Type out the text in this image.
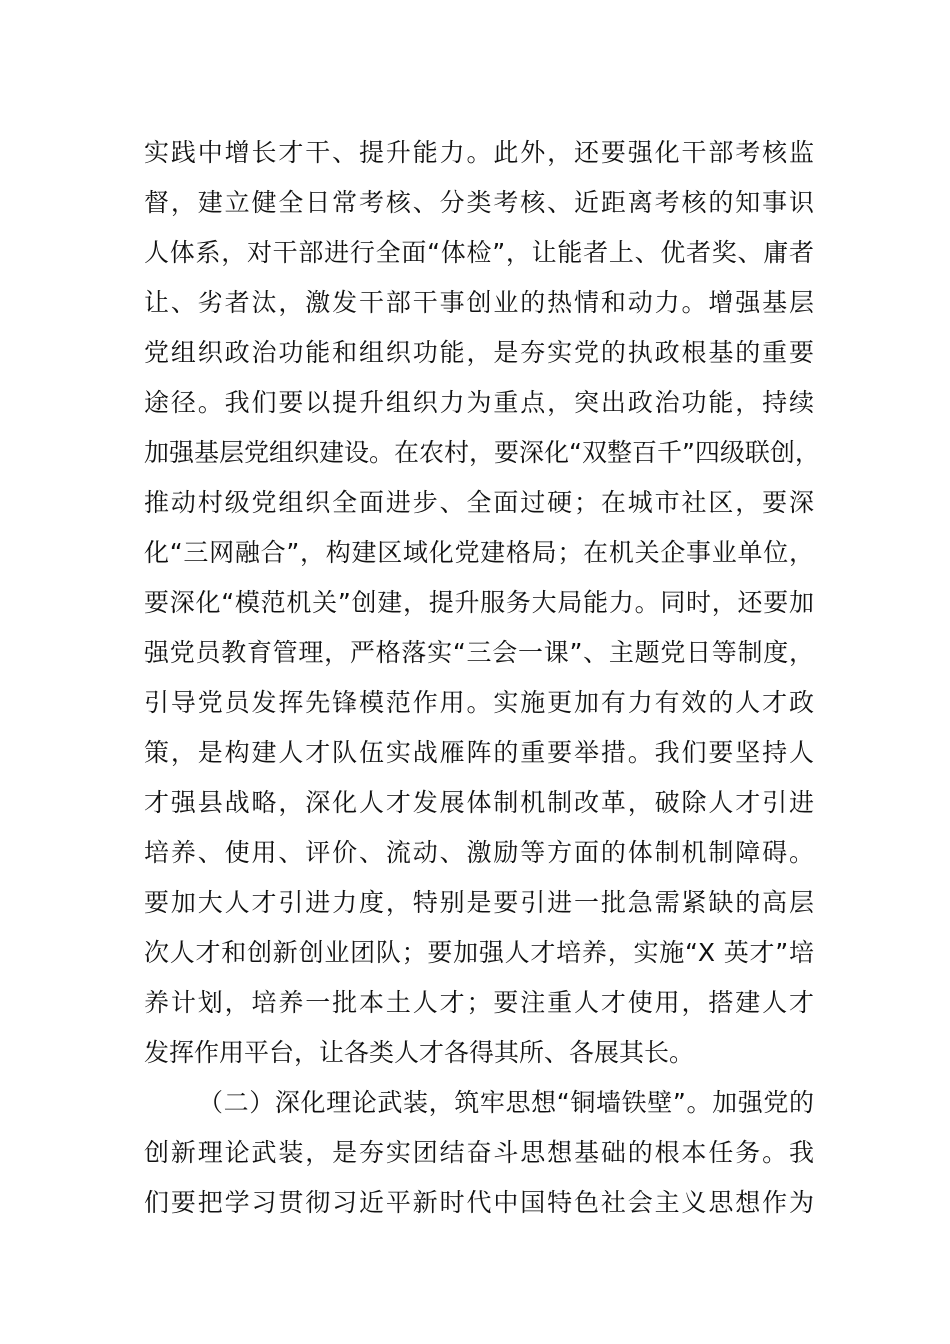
实践中增长才干、提升能力。此外，还要强化干部考核监
督，建立健全日常考核、分类考核、近距离考核的知事识
人体系，对干部进行全面“体检”，让能者上、优者奖、庸者
让、劣者汰，激发干部干事创业的热情和动力。增强基层
党组织政治功能和组织功能，是夯实党的执政根基的重要
途径。我们要以提升组织力为重点，突出政治功能，持续
加强基层党组织建设。在农村，要深化“双整百千”四级联创，
推动村级党组织全面进步、全面过硬；在城市社区，要深
化“三网融合”，构建区域化党建格局；在机关企事业单位，
要深化“模范机关”创建，提升服务大局能力。同时，还要加
强党员教育管理，严格落实“三会一课”、主题党日等制度，
引导党员发挥先锋模范作用。实施更加有力有效的人才政
策，是构建人才队伍实战雁阵的重要举措。我们要坚持人
才强县战略，深化人才发展体制机制改革，破除人才引进
培养、使用、评价、流动、激励等方面的体制机制障碍。
要加大人才引进力度，特别是要引进一批急需紧缺的高层
次人才和创新创业团队；要加强人才培养，实施“X 英才”培
养计划，培养一批本土人才；要注重人才使用，搭建人才
发挥作用平台，让各类人才各得其所、各展其长。
（二）深化理论武装，筑牢思想“铜墙铁壁”。加强党的
创新理论武装，是夯实团结奋斗思想基础的根本任务。我
们要把学习贯彻习近平新时代中国特色社会主义思想作为
